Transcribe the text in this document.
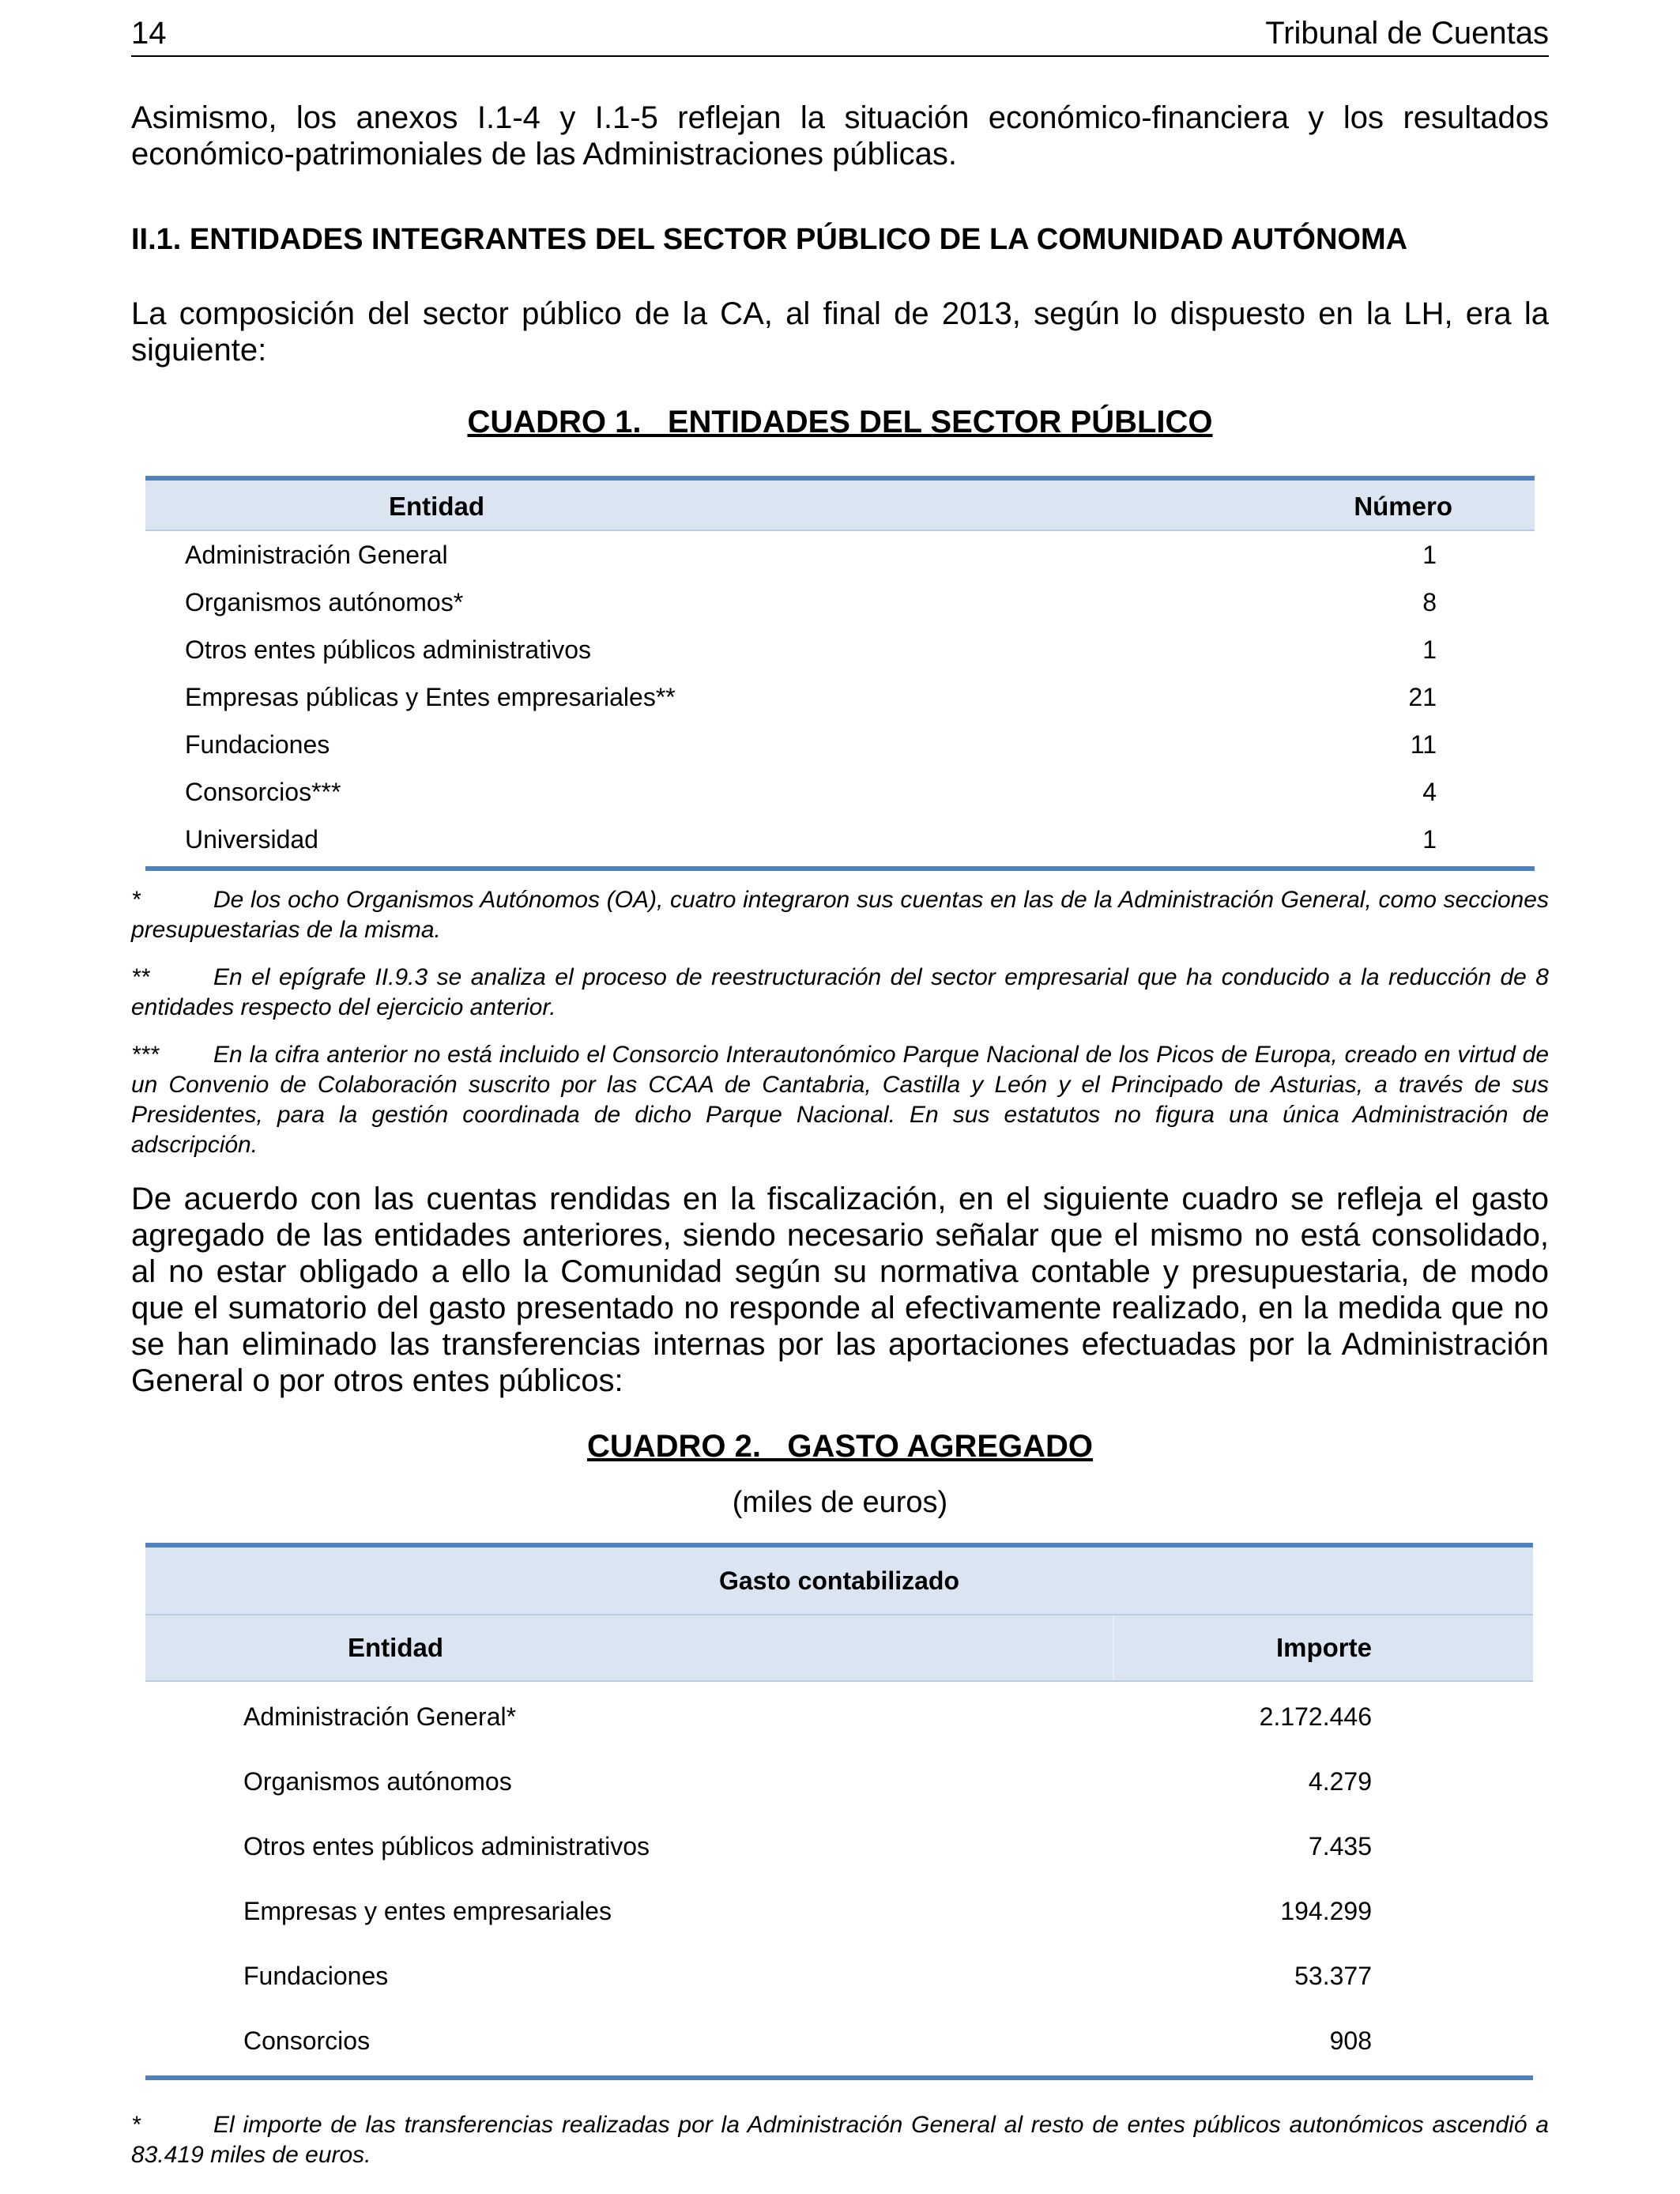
14	Tribunal de Cuentas

Asimismo, los anexos I.1-4 y I.1-5 reflejan la situación económico-financiera y los resultados económico-patrimoniales de las Administraciones públicas.

II.1. ENTIDADES INTEGRANTES DEL SECTOR PÚBLICO DE LA COMUNIDAD AUTÓNOMA

La composición del sector público de la CA, al final de 2013, según lo dispuesto en la LH, era la siguiente:

CUADRO 1.   ENTIDADES DEL SECTOR PÚBLICO
Entidad	Número
Administración General	1
Organismos autónomos*	8
Otros entes públicos administrativos	1
Empresas públicas y Entes empresariales**	21
Fundaciones	11
Consorcios***	4
Universidad	1

*	De los ocho Organismos Autónomos (OA), cuatro integraron sus cuentas en las de la Administración General, como secciones presupuestarias de la misma.

**	En el epígrafe II.9.3 se analiza el proceso de reestructuración del sector empresarial que ha conducido a la reducción de 8 entidades respecto del ejercicio anterior.

*** En la cifra anterior no está incluido el Consorcio Interautonómico Parque Nacional de los Picos de Europa, creado en virtud de un Convenio de Colaboración suscrito por las CCAA de Cantabria, Castilla y León y el Principado de Asturias, a través de sus Presidentes, para la gestión coordinada de dicho Parque Nacional. En sus estatutos no figura una única Administración de adscripción.

De acuerdo con las cuentas rendidas en la fiscalización, en el siguiente cuadro se refleja el gasto agregado de las entidades anteriores, siendo necesario señalar que el mismo no está consolidado, al no estar obligado a ello la Comunidad según su normativa contable y presupuestaria, de modo que el sumatorio del gasto presentado no responde al efectivamente realizado, en la medida que no se han eliminado las transferencias internas por las aportaciones efectuadas por la Administración General o por otros entes públicos:

CUADRO 2.   GASTO AGREGADO

(miles de euros)

Gasto contabilizado
Entidad	Importe
Administración General*	2.172.446
Organismos autónomos	4.279
Otros entes públicos administrativos	7.435
Empresas y entes empresariales	194.299
Fundaciones	53.377
Consorcios	908

*	El importe de las transferencias realizadas por la Administración General al resto de entes públicos autonómicos ascendió a 83.419 miles de euros.
